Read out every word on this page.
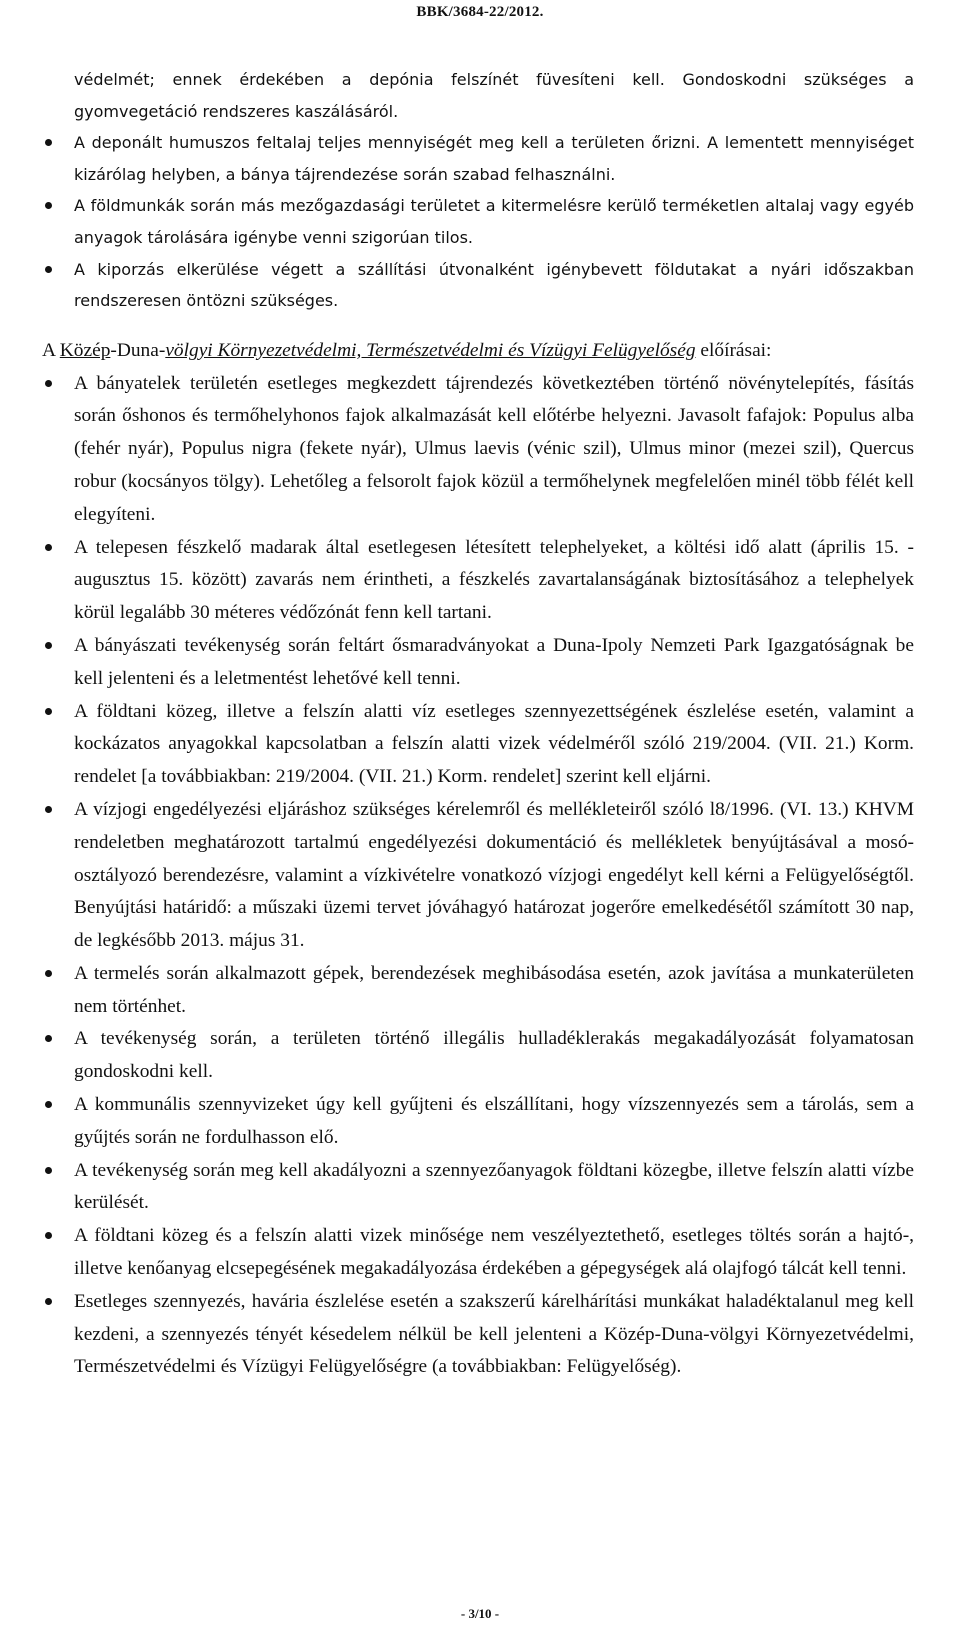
BBK/3684-22/2012.
védelmét; ennek érdekében a depónia felszínét füvesíteni kell. Gondoskodni szükséges a gyomvegetáció rendszeres kaszálásáról.
A deponált humuszos feltalaj teljes mennyiségét meg kell a területen őrizni. A lementett mennyiséget kizárólag helyben, a bánya tájrendezése során szabad felhasználni.
A földmunkák során más mezőgazdasági területet a kitermelésre kerülő terméketlen altalaj vagy egyéb anyagok tárolására igénybe venni szigorúan tilos.
A kiporzás elkerülése végett a szállítási útvonalként igénybevett földutakat a nyári időszakban rendszeresen öntözni szükséges.
A Közép-Duna-völgyi Környezetvédelmi, Természetvédelmi és Vízügyi Felügyelőség előírásai:
A bányatelek területén esetleges megkezdett tájrendezés következtében történő növénytelepítés, fásítás során őshonos és termőhelyhonos fajok alkalmazását kell előtérbe helyezni. Javasolt fafajok: Populus alba (fehér nyár), Populus nigra (fekete nyár), Ulmus laevis (vénic szil), Ulmus minor (mezei szil), Quercus robur (kocsányos tölgy). Lehetőleg a felsorolt fajok közül a termőhelynek megfelelően minél több félét kell elegyíteni.
A telepesen fészkelő madarak által esetlegesen létesített telephelyeket, a költési idő alatt (április 15. - augusztus 15. között) zavarás nem érintheti, a fészkelés zavartalanságának biztosításához a telephelyek körül legalább 30 méteres védőzónát fenn kell tartani.
A bányászati tevékenység során feltárt ősmaradványokat a Duna-Ipoly Nemzeti Park Igazgatóságnak be kell jelenteni és a leletmentést lehetővé kell tenni.
A földtani közeg, illetve a felszín alatti víz esetleges szennyezettségének észlelése esetén, valamint a kockázatos anyagokkal kapcsolatban a felszín alatti vizek védelméről szóló 219/2004. (VII. 21.) Korm. rendelet [a továbbiakban: 219/2004. (VII. 21.) Korm. rendelet] szerint kell eljárni.
A vízjogi engedélyezési eljáráshoz szükséges kérelemről és mellékleteiről szóló l8/1996. (VI. 13.) KHVM rendeletben meghatározott tartalmú engedélyezési dokumentáció és mellékletek benyújtásával a mosó-osztályozó berendezésre, valamint a vízkivételre vonatkozó vízjogi engedélyt kell kérni a Felügyelőségtől. Benyújtási határidő: a műszaki üzemi tervet jóváhagyó határozat jogerőre emelkedésétől számított 30 nap, de legkésőbb 2013. május 31.
A termelés során alkalmazott gépek, berendezések meghibásodása esetén, azok javítása a munkaterületen nem történhet.
A tevékenység során, a területen történő illegális hulladéklerakás megakadályozását folyamatosan gondoskodni kell.
A kommunális szennyvizeket úgy kell gyűjteni és elszállítani, hogy vízszennyezés sem a tárolás, sem a gyűjtés során ne fordulhasson elő.
A tevékenység során meg kell akadályozni a szennyezőanyagok földtani közegbe, illetve felszín alatti vízbe kerülését.
A földtani közeg és a felszín alatti vizek minősége nem veszélyeztethető, esetleges töltés során a hajtó-, illetve kenőanyag elcsepegésének megakadályozása érdekében a gépegységek alá olajfogó tálcát kell tenni.
Esetleges szennyezés, havária észlelése esetén a szakszerű kárelhárítási munkákat haladéktalanul meg kell kezdeni, a szennyezés tényét késedelem nélkül be kell jelenteni a Közép-Duna-völgyi Környezetvédelmi, Természetvédelmi és Vízügyi Felügyelőségre (a továbbiakban: Felügyelőség).
- 3/10 -
